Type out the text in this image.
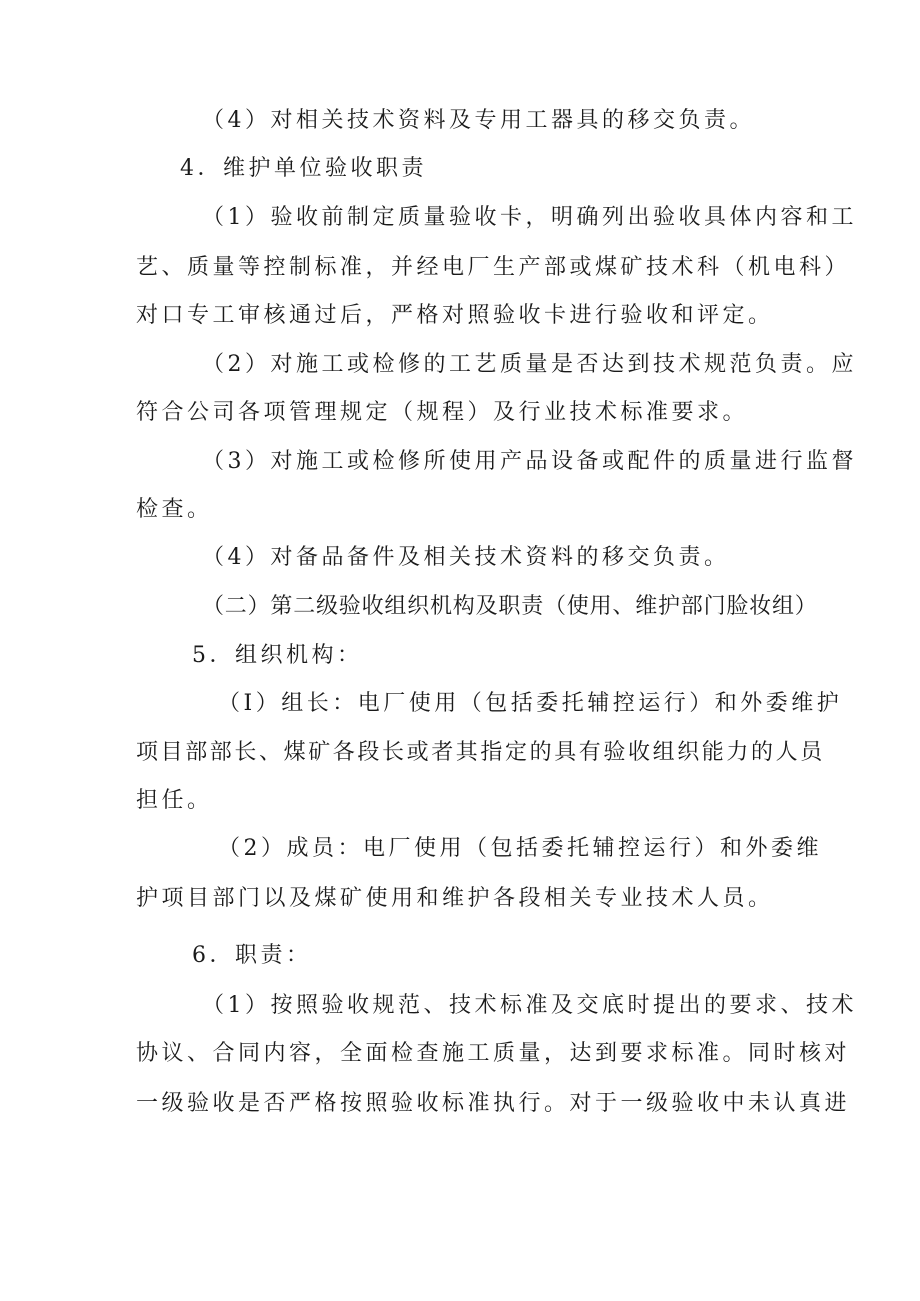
（4）对相关技术资料及专用工器具的移交负责。
4．维护单位验收职责
（1）验收前制定质量验收卡，明确列出验收具体内容和工
艺、质量等控制标准，并经电厂生产部或煤矿技术科（机电科）
对口专工审核通过后，严格对照验收卡进行验收和评定。
（2）对施工或检修的工艺质量是否达到技术规范负责。应
符合公司各项管理规定（规程）及行业技术标准要求。
（3）对施工或检修所使用产品设备或配件的质量进行监督
检查。
（4）对备品备件及相关技术资料的移交负责。
（二）第二级验收组织机构及职责（使用、维护部门脸妆组）
5．组织机构：
（I）组长：电厂使用（包括委托辅控运行）和外委维护
项目部部长、煤矿各段长或者其指定的具有验收组织能力的人员
担任。
（2）成员：电厂使用（包括委托辅控运行）和外委维
护项目部门以及煤矿使用和维护各段相关专业技术人员。
6．职责：
（1）按照验收规范、技术标准及交底时提出的要求、技术
协议、合同内容，全面检查施工质量，达到要求标准。同时核对
一级验收是否严格按照验收标准执行。对于一级验收中未认真进
